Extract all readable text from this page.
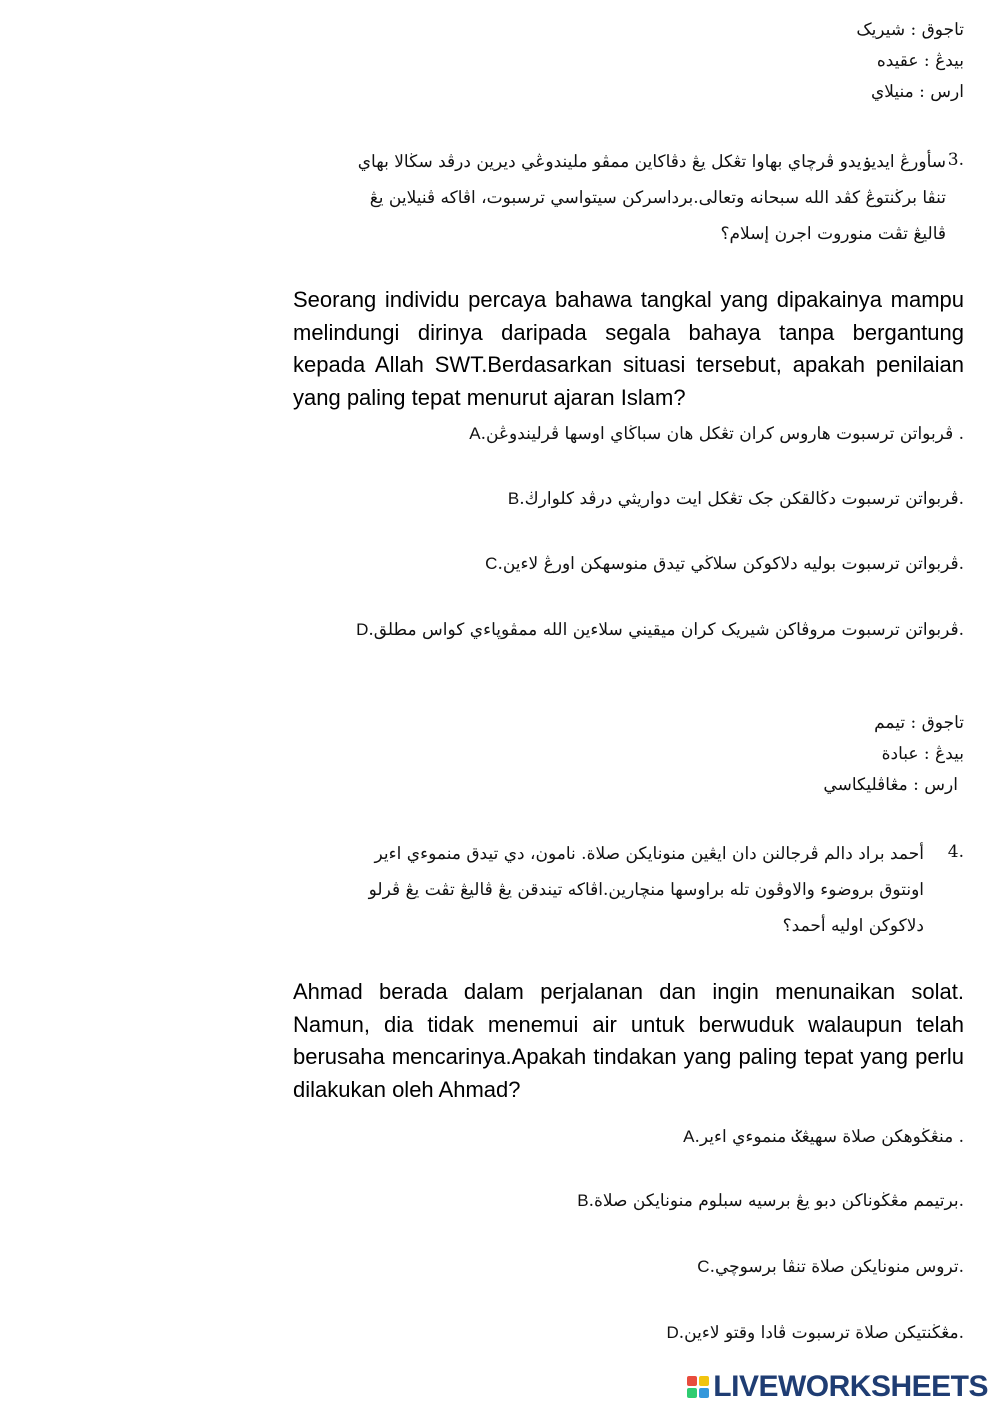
تاجوق : شيريک
بيدڠ : عقيده
ارس : منيلاي
3.
سأورڠ ايديۏيدو ڤرچاي بهاوا تڠكل يڠ دڤاكاين ممڤو مليندوڠي ديرين درڤد سڬالا بهاي
تنڤا برڬنتوڠ كڤد الله سبحانه وتعالى.برداسركن سيتواسي ترسبوت، اڤاكه ڤنيلاين يڠ
ڤاليڠ تڤت منوروت اجرن إسلام؟
Seorang individu percaya bahawa tangkal yang dipakainya mampu melindungi dirinya daripada segala bahaya tanpa bergantung kepada Allah SWT.Berdasarkan situasi tersebut, apakah penilaian yang paling tepat menurut ajaran Islam?
A. ڤربواتن ترسبوت هاروس كران تڠكل هان سباڬاي اوسها ڤرليندوڠن.
B.ڤربواتن ترسبوت دڬالقكن جک تڠكل ايت دواريثي درڤد كلوارڬ.
C.ڤربواتن ترسبوت بوليه دلاكوكن سلاڬي تيدق منوسهكن اورڠ لاءين.
D.ڤربواتن ترسبوت مروڤاكن شيريک كران ميقيني سلاءين الله ممڤوڽاءي كواس مطلق.
تاجوق : تيمم
بيدڠ : عبادة
ارس : مڠاڤليكاسي
4.
أحمد براد دالم ڤرجالنن دان ايڠين منونايكن صلاة. نامون، دي تيدق منموءي اءير
اونتوق بروضوء والاوڤون تله براوسها منچارين.اڤاكه تيندقن يڠ ڤاليڠ تڤت يڠ ڤرلو
دلاكوكن اوليه أحمد؟
Ahmad berada dalam perjalanan dan ingin menunaikan solat. Namun, dia tidak menemui air untuk berwuduk walaupun telah berusaha mencarinya.Apakah tindakan yang paling tepat yang perlu dilakukan oleh Ahmad?
A. منڠڬوهكن صلاة سهيڠݢ منموءي اءير.
B.برتيمم مڠڬوناكن دبو يڠ برسيه سبلوم منونايكن صلاة.
C.تروس منونايكن صلاة تنڤا برسوچي.
D.مڠڬنتيكن صلاة ترسبوت ڤادا وقتو لاءين.
LIVEWORKSHEETS
